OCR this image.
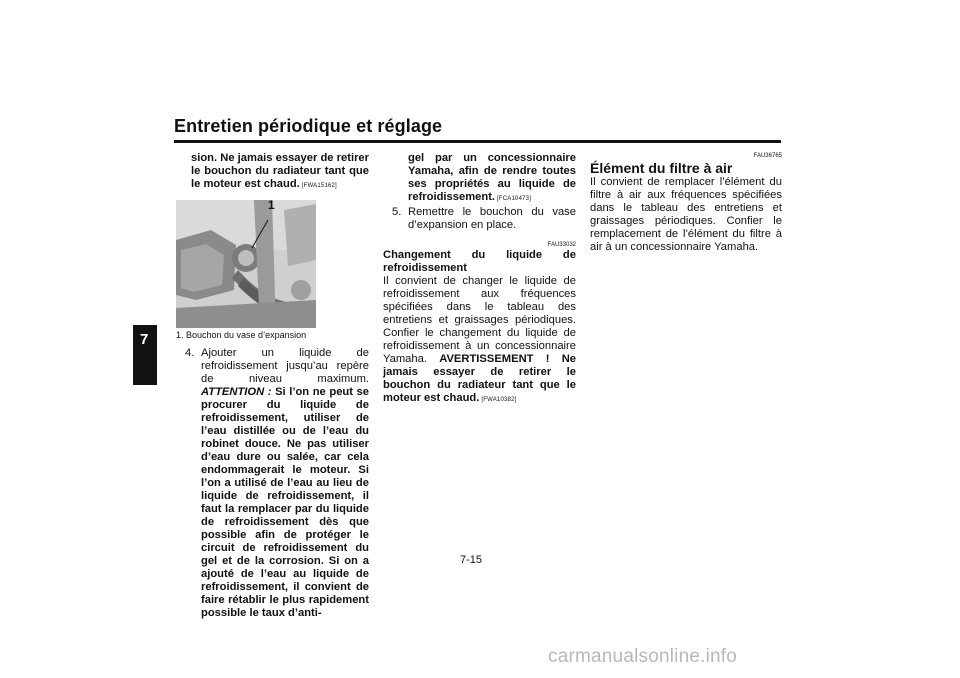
Entretien périodique et réglage
7
sion. Ne jamais essayer de retirer le bouchon du radiateur tant que le moteur est chaud. [FWA15162]
1
1. Bouchon du vase d’expansion
4. Ajouter un liquide de refroidissement jusqu’au repère de niveau maximum. ATTENTION : Si l’on ne peut se procurer du liquide de refroidissement, utiliser de l’eau distillée ou de l’eau du robinet douce. Ne pas utiliser d’eau dure ou salée, car cela endommagerait le moteur. Si l’on a utilisé de l’eau au lieu de liquide de refroidissement, il faut la remplacer par du liquide de refroidissement dès que possible afin de protéger le circuit de refroidissement du gel et de la corrosion. Si on a ajouté de l’eau au liquide de refroidissement, il convient de faire rétablir le plus rapidement possible le taux d’anti-
gel par un concessionnaire Yamaha, afin de rendre toutes ses propriétés au liquide de refroidissement. [FCA10473]
5. Remettre le bouchon du vase d’expansion en place.
FAU33032
Changement du liquide de refroidissement
Il convient de changer le liquide de refroidissement aux fréquences spécifiées dans le tableau des entretiens et graissages périodiques. Confier le changement du liquide de refroidissement à un concessionnaire Yamaha. AVERTISSEMENT ! Ne jamais essayer de retirer le bouchon du radiateur tant que le moteur est chaud. [FWA10382]
FAU36765
Élément du filtre à air
Il convient de remplacer l’élément du filtre à air aux fréquences spécifiées dans le tableau des entretiens et graissages périodiques. Confier le remplacement de l’élément du filtre à air à un concessionnaire Yamaha.
7-15
carmanualsonline.info
